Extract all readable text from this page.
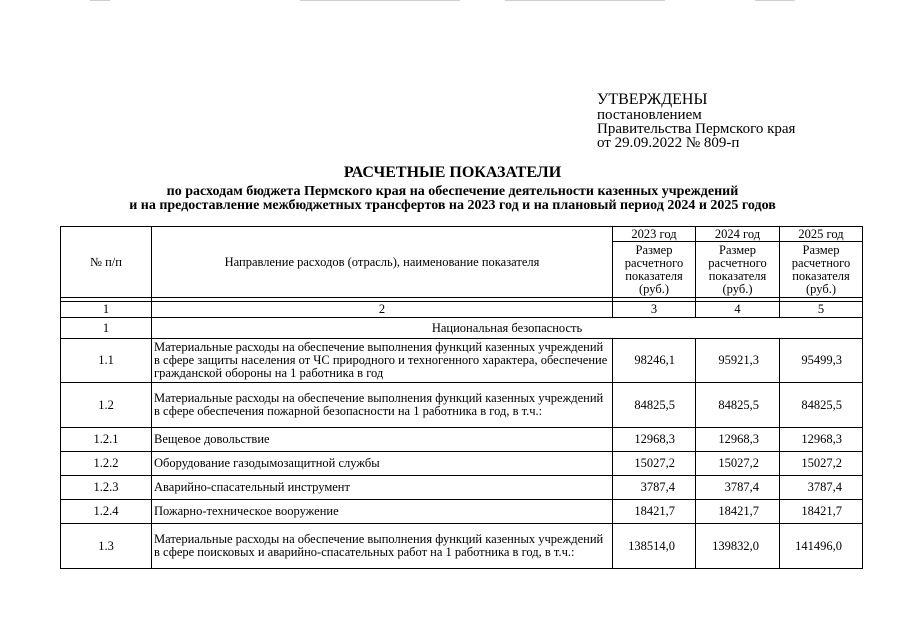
УТВЕРЖДЕНЫ
постановлением
Правительства Пермского края
от 29.09.2022 № 809-п
РАСЧЕТНЫЕ ПОКАЗАТЕЛИ
по расходам бюджета Пермского края на обеспечение деятельности казенных учреждений
и на предоставление межбюджетных трансфертов на 2023 год и на плановый период 2024 и 2025 годов
№ п/п	Направление расходов (отрасль), наименование показателя	2023 год	2024 год	2025 год
		Размер расчетного показателя (руб.)	Размер расчетного показателя (руб.)	Размер расчетного показателя (руб.)

1	2	3	4	5
1	Национальная безопасность			
1.1	Материальные расходы на обеспечение выполнения функций казенных учреждений в сфере защиты населения от ЧС природного и техногенного характера, обеспечение гражданской обороны на 1 работника в год	98246,1	95921,3	95499,3
1.2	Материальные расходы на обеспечение выполнения функций казенных учреждений в сфере обеспечения пожарной безопасности на 1 работника в год, в т.ч.:	84825,5	84825,5	84825,5
1.2.1	Вещевое довольствие	12968,3	12968,3	12968,3
1.2.2	Оборудование газодымозащитной службы	15027,2	15027,2	15027,2
1.2.3	Аварийно-спасательный инструмент	3787,4	3787,4	3787,4
1.2.4	Пожарно-техническое вооружение	18421,7	18421,7	18421,7
1.3	Материальные расходы на обеспечение выполнения функций казенных учреждений в сфере поисковых и аварийно-спасательных работ на 1 работника в год, в т.ч.:	138514,0	139832,0	141496,0
